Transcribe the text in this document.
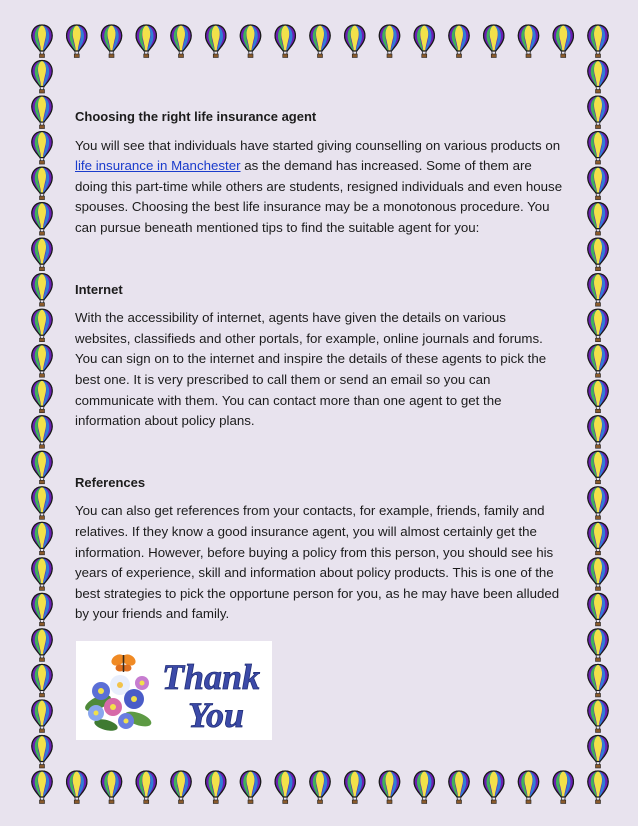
Choosing the right life insurance agent

You will see that individuals have started giving counselling on various products on life insurance in Manchester as the demand has increased. Some of them are doing this part-time while others are students, resigned individuals and even house spouses. Choosing the best life insurance may be a monotonous procedure. You can pursue beneath mentioned tips to find the suitable agent for you:

Internet

With the accessibility of internet, agents have given the details on various websites, classifieds and other portals, for example, online journals and forums. You can sign on to the internet and inspire the details of these agents to pick the best one. It is very prescribed to call them or send an email so you can communicate with them. You can contact more than one agent to get the information about policy plans.

References

You can also get references from your contacts, for example, friends, family and relatives. If they know a good insurance agent, you will almost certainly get the information. However, before buying a policy from this person, you should see his years of experience, skill and information about policy products. This is one of the best strategies to pick the opportune person for you, as he may have been alluded by your friends and family.

Thank
You
